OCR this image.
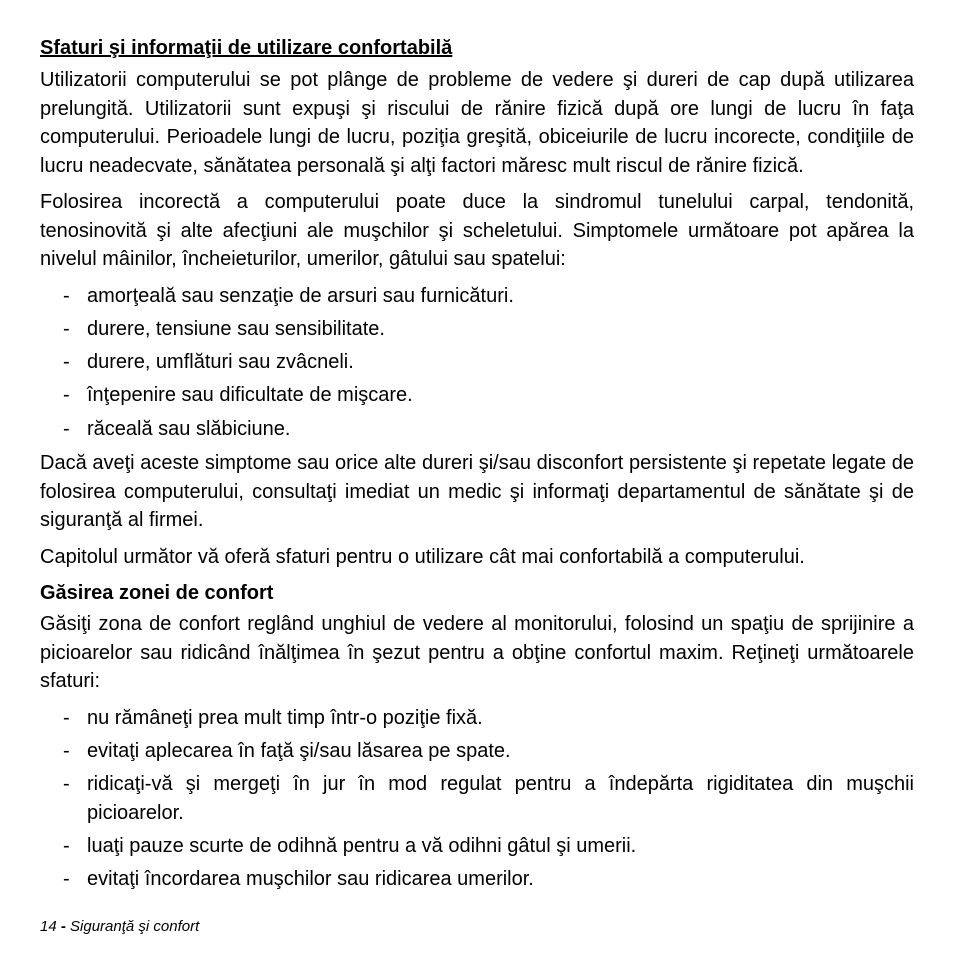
Sfaturi şi informaţii de utilizare confortabilă

Utilizatorii computerului se pot plânge de probleme de vedere şi dureri de cap după utilizarea prelungită. Utilizatorii sunt expuşi şi riscului de rănire fizică după ore lungi de lucru în faţa computerului. Perioadele lungi de lucru, poziţia greşită, obiceiurile de lucru incorecte, condiţiile de lucru neadecvate, sănătatea personală şi alţi factori măresc mult riscul de rănire fizică.

Folosirea incorectă a computerului poate duce la sindromul tunelului carpal, tendonită, tenosinovită şi alte afecţiuni ale muşchilor şi scheletului. Simptomele următoare pot apărea la nivelul mâinilor, încheieturilor, umerilor, gâtului sau spatelui:

- amorţeală sau senzaţie de arsuri sau furnicături.
- durere, tensiune sau sensibilitate.
- durere, umflături sau zvâcneli.
- înţepenire sau dificultate de mişcare.
- răceală sau slăbiciune.

Dacă aveţi aceste simptome sau orice alte dureri şi/sau disconfort persistente şi repetate legate de folosirea computerului, consultaţi imediat un medic şi informaţi departamentul de sănătate şi de siguranţă al firmei.

Capitolul următor vă oferă sfaturi pentru o utilizare cât mai confortabilă a computerului.

Găsirea zonei de confort

Găsiţi zona de confort reglând unghiul de vedere al monitorului, folosind un spaţiu de sprijinire a picioarelor sau ridicând înălţimea în şezut pentru a obţine confortul maxim. Reţineţi următoarele sfaturi:

- nu rămâneţi prea mult timp într-o poziţie fixă.
- evitaţi aplecarea în faţă şi/sau lăsarea pe spate.
- ridicaţi-vă şi mergeţi în jur în mod regulat pentru a îndepărta rigiditatea din muşchii picioarelor.
- luaţi pauze scurte de odihnă pentru a vă odihni gâtul şi umerii.
- evitaţi încordarea muşchilor sau ridicarea umerilor.
14 - Siguranţă şi confort
